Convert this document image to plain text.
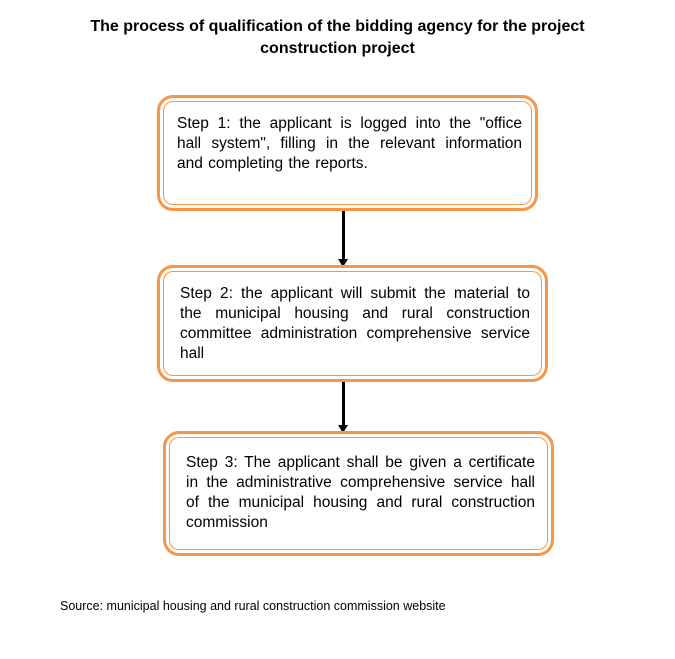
The process of qualification of the bidding agency for the project
construction project
Step 1: the applicant is logged into the "office hall system", filling in the relevant information and completing the reports.
Step 2: the applicant will submit the material to the municipal housing and rural construction committee administration comprehensive service hall
Step 3: The applicant shall be given a certificate in the administrative comprehensive service hall of the municipal housing and rural construction commission
Source: municipal housing and rural construction commission website
